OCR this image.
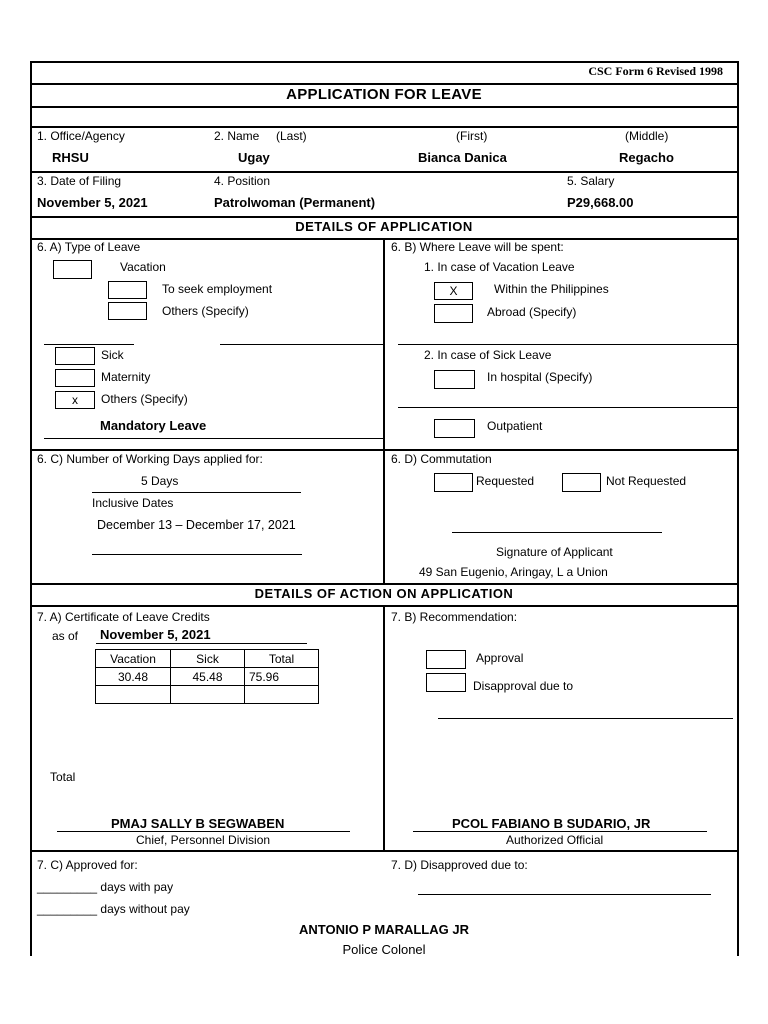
CSC Form 6 Revised 1998
APPLICATION FOR LEAVE
1. Office/Agency
RHSU
2. Name (Last)	(First)	(Middle)
Ugay	Bianca Danica	Regacho
3. Date of Filing
November 5, 2021
4. Position
Patrolwoman (Permanent)
5. Salary
P29,668.00
DETAILS OF APPLICATION
6. A) Type of Leave
Vacation
To seek employment
Others (Specify)
Sick
Maternity
x	Others (Specify)
Mandatory Leave
6. B) Where Leave will be spent:
1. In case of Vacation Leave
X	Within the Philippines
Abroad (Specify)
2. In case of Sick Leave
In hospital (Specify)
Outpatient
6. C) Number of Working Days applied for:
5 Days
Inclusive Dates
December 13 – December 17, 2021
6. D) Commutation
Requested	Not Requested
Signature of Applicant
49 San Eugenio, Aringay, L a Union
DETAILS OF ACTION ON APPLICATION
7. A) Certificate of Leave Credits
as of November 5, 2021
Vacation	Sick	Total
30.48	45.48	75.96

Total
PMAJ SALLY B SEGWABEN
Chief, Personnel Division
7. B) Recommendation:
Approval
Disapproval due to
PCOL FABIANO B SUDARIO, JR
Authorized Official
7. C) Approved for:
_________ days with pay
_________ days without pay
7. D) Disapproved due to:
ANTONIO P MARALLAG JR
Police Colonel
